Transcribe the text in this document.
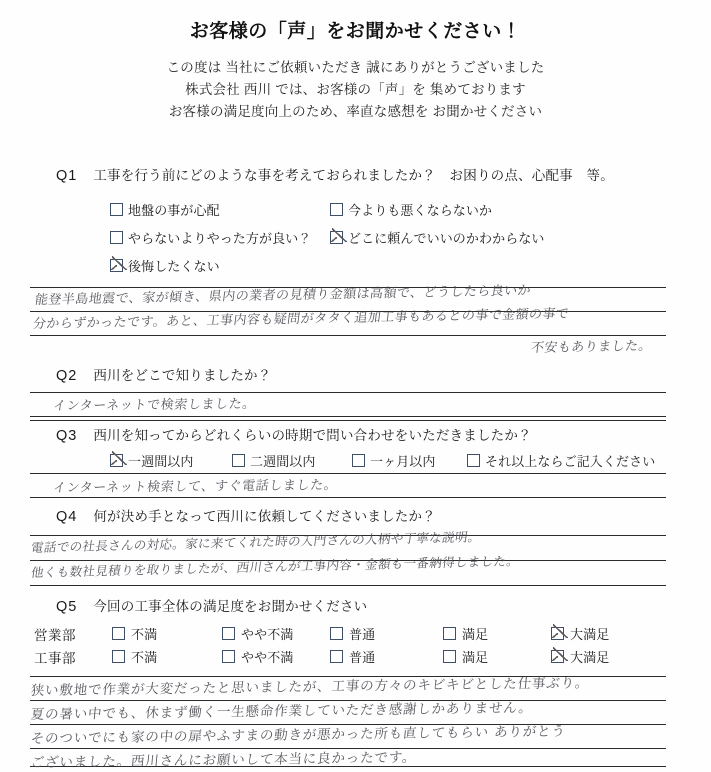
お客様の「声」をお聞かせください！
この度は 当社にご依頼いただき 誠にありがとうございました
株式会社 西川 では、お客様の「声」を 集めております
お客様の満足度向上のため、率直な感想を お聞かせください
Q1 工事を行う前にどのような事を考えておられましたか？　お困りの点、心配事　等。
地盤の事が心配	今よりも悪くならないか
やらないよりやった方が良い？	どこに頼んでいいのかわからない
後悔したくない
能登半島地震で、家が傾き、県内の業者の見積り金額は高額で、どうしたら良いか
分からずかったです。あと、工事内容も疑問がタタく追加工事もあるとの事で金額の事で
不安もありました。
Q2 西川をどこで知りましたか？
インターネットで検索しました。
Q3 西川を知ってからどれくらいの時期で問い合わせをいただきましたか？
一週間以内	二週間以内	一ヶ月以内	それ以上ならご記入ください
インターネット検索して、すぐ電話しました。
Q4 何が決め手となって西川に依頼してくださいましたか？
電話での社長さんの対応。家に来てくれた時の入門さんの人柄や丁寧な説明。
他くも数社見積りを取りましたが、西川さんが工事内容・金額も一番納得しました。
Q5 今回の工事全体の満足度をお聞かせください
営業部	不満	やや不満	普通	満足	大満足
工事部	不満	やや不満	普通	満足	大満足
狭い敷地で作業が大変だったと思いましたが、工事の方々のキビキビとした仕事ぶり。
夏の暑い中でも、休まず働く一生懸命作業していただき感謝しかありません。
そのついでにも家の中の扉やふすまの動きが悪かった所も直してもらい ありがとう
ございました。西川さんにお願いして本当に良かったです。
